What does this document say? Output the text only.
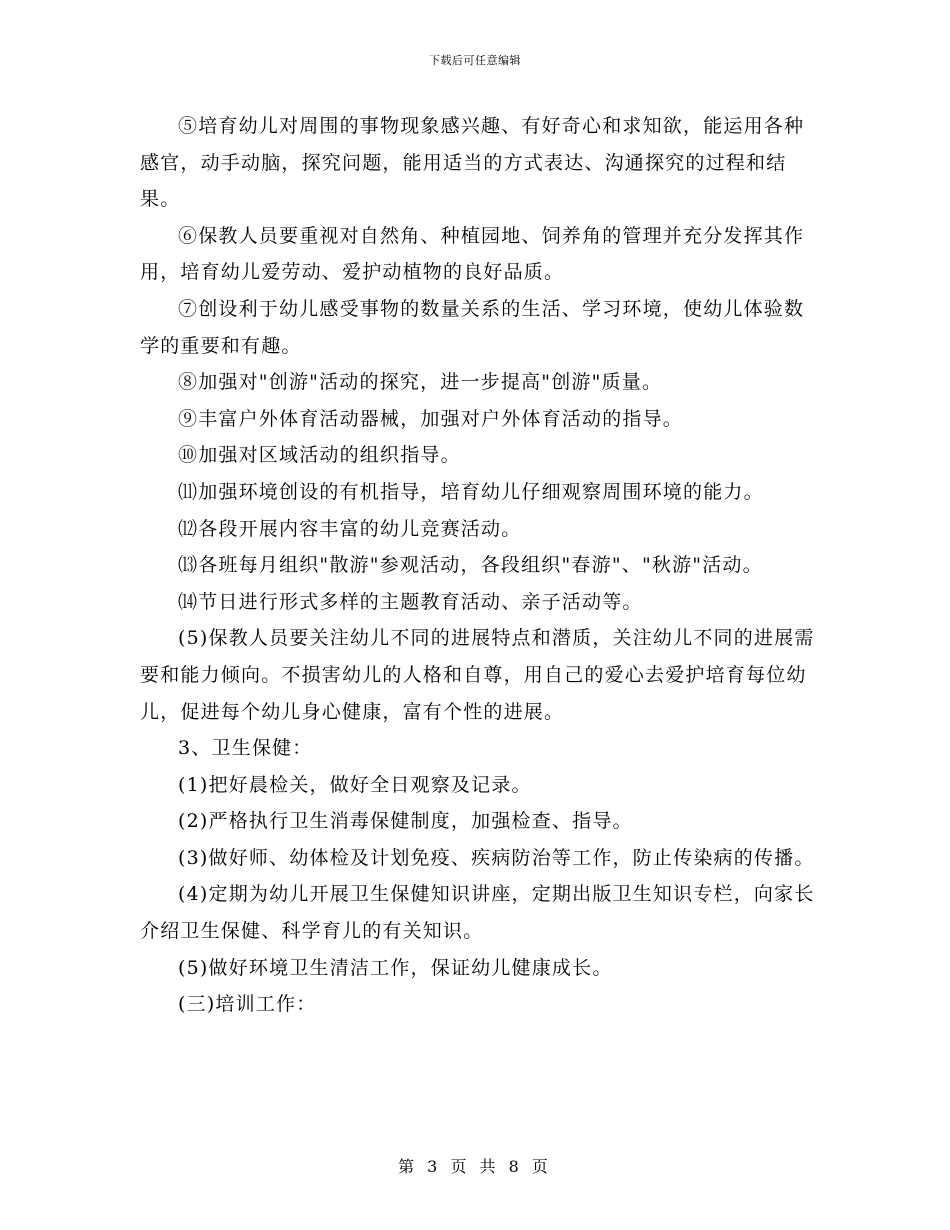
下载后可任意编辑

⑤培育幼儿对周围的事物现象感兴趣、有好奇心和求知欲，能运用各种感官，动手动脑，探究问题，能用适当的方式表达、沟通探究的过程和结果。

⑥保教人员要重视对自然角、种植园地、饲养角的管理并充分发挥其作用，培育幼儿爱劳动、爱护动植物的良好品质。

⑦创设利于幼儿感受事物的数量关系的生活、学习环境，使幼儿体验数学的重要和有趣。

⑧加强对"创游"活动的探究，进一步提高"创游"质量。

⑨丰富户外体育活动器械，加强对户外体育活动的指导。

⑩加强对区域活动的组织指导。

⑾加强环境创设的有机指导，培育幼儿仔细观察周围环境的能力。

⑿各段开展内容丰富的幼儿竞赛活动。

⒀各班每月组织"散游"参观活动，各段组织"春游"、"秋游"活动。

⒁节日进行形式多样的主题教育活动、亲子活动等。

(5)保教人员要关注幼儿不同的进展特点和潜质，关注幼儿不同的进展需要和能力倾向。不损害幼儿的人格和自尊，用自己的爱心去爱护培育每位幼儿，促进每个幼儿身心健康，富有个性的进展。

3、卫生保健：

(1)把好晨检关，做好全日观察及记录。

(2)严格执行卫生消毒保健制度，加强检查、指导。

(3)做好师、幼体检及计划免疫、疾病防治等工作，防止传染病的传播。

(4)定期为幼儿开展卫生保健知识讲座，定期出版卫生知识专栏，向家长介绍卫生保健、科学育儿的有关知识。

(5)做好环境卫生清洁工作，保证幼儿健康成长。

(三)培训工作：

第 3 页 共 8 页
